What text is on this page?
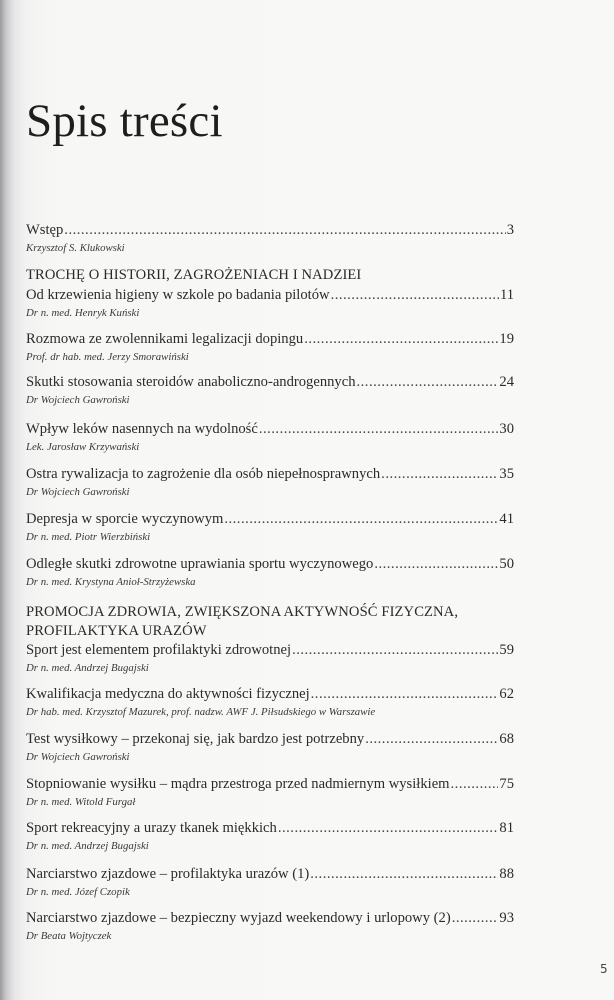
Spis treści
TROCHĘ O HISTORII, ZAGROŻENIACH I NADZIEI
PROMOCJA ZDROWIA, ZWIĘKSZONA AKTYWNOŚĆ FIZYCZNA,
PROFILAKTYKA URAZÓW
Wstęp .....	3
Krzysztof S. Klukowski
Od krzewienia higieny w szkole po badania pilotów .....	11
Dr n. med. Henryk Kuński
Rozmowa ze zwolennikami legalizacji dopingu .....	19
Prof. dr hab. med. Jerzy Smorawiński
Skutki stosowania steroidów anaboliczno-androgennych .....	24
Dr Wojciech Gawroński
Wpływ leków nasennych na wydolność .....	30
Lek. Jarosław Krzywański
Ostra rywalizacja to zagrożenie dla osób niepełnosprawnych .....	35
Dr Wojciech Gawroński
Depresja w sporcie wyczynowym .....	41
Dr n. med. Piotr Wierzbiński
Odległe skutki zdrowotne uprawiania sportu wyczynowego .....	50
Dr n. med. Krystyna Anioł-Strzyżewska
Sport jest elementem profilaktyki zdrowotnej .....	59
Dr n. med. Andrzej Bugajski
Kwalifikacja medyczna do aktywności fizycznej .....	62
Dr hab. med. Krzysztof Mazurek, prof. nadzw. AWF J. Piłsudskiego w Warszawie
Test wysiłkowy – przekonaj się, jak bardzo jest potrzebny .....	68
Dr Wojciech Gawroński
Stopniowanie wysiłku – mądra przestroga przed nadmiernym wysiłkiem .....	75
Dr n. med. Witold Furgał
Sport rekreacyjny a urazy tkanek miękkich .....	81
Dr n. med. Andrzej Bugajski
Narciarstwo zjazdowe – profilaktyka urazów (1) .....	88
Dr n. med. Józef Czopik
Narciarstwo zjazdowe – bezpieczny wyjazd weekendowy i urlopowy (2) .....	93
Dr Beata Wojtyczek
5
